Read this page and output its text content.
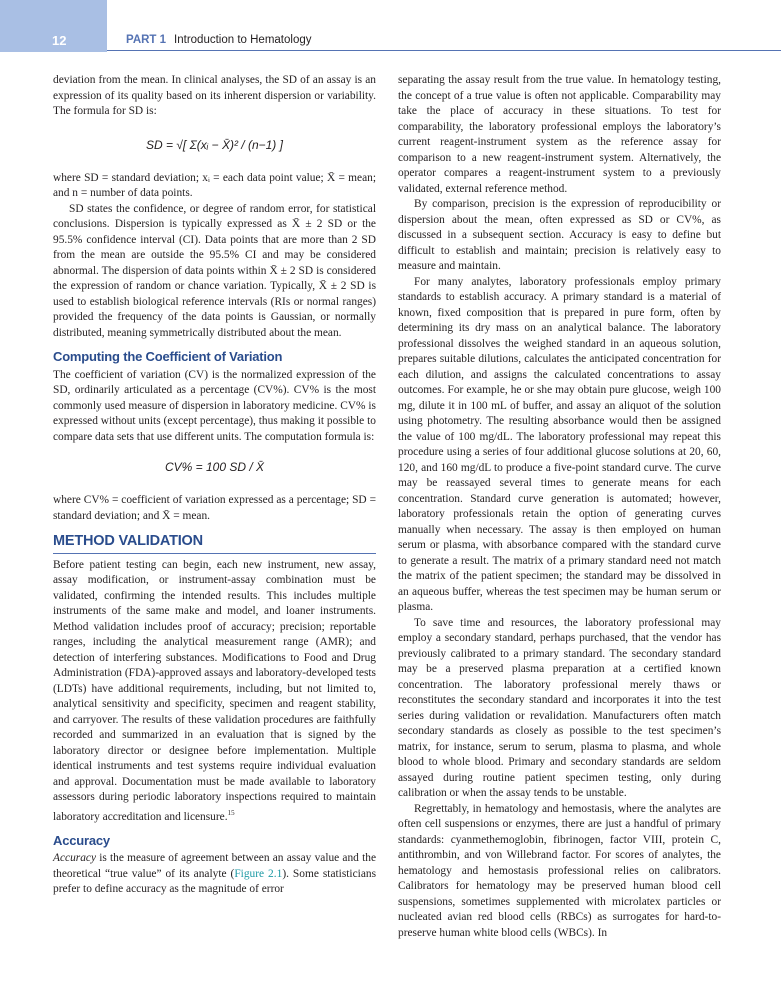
12	PART 1 Introduction to Hematology

deviation from the mean. In clinical analyses, the SD of an assay is an expression of its quality based on its inherent dispersion or variability. The formula for SD is:

SD = √[ Σ(xᵢ − X̄)² / (n−1) ]

where SD = standard deviation; xᵢ = each data point value; X̄ = mean; and n = number of data points.

SD states the confidence, or degree of random error, for statistical conclusions. Dispersion is typically expressed as X̄ ± 2 SD or the 95.5% confidence interval (CI). Data points that are more than 2 SD from the mean are outside the 95.5% CI and may be considered abnormal. The dispersion of data points within X̄ ± 2 SD is considered the expression of random or chance variation. Typically, X̄ ± 2 SD is used to establish biological reference intervals (RIs or normal ranges) provided the frequency of the data points is Gaussian, or normally distributed, meaning symmetrically distributed about the mean.

Computing the Coefficient of Variation

The coefficient of variation (CV) is the normalized expression of the SD, ordinarily articulated as a percentage (CV%). CV% is the most commonly used measure of dispersion in laboratory medicine. CV% is expressed without units (except percentage), thus making it possible to compare data sets that use different units. The computation formula is:

CV% = 100 SD / X̄

where CV% = coefficient of variation expressed as a percentage; SD = standard deviation; and X̄ = mean.

METHOD VALIDATION

Before patient testing can begin, each new instrument, new assay, assay modification, or instrument-assay combination must be validated, confirming the intended results. This includes multiple instruments of the same make and model, and loaner instruments. Method validation includes proof of accuracy; precision; reportable ranges, including the analytical measurement range (AMR); and detection of interfering substances. Modifications to Food and Drug Administration (FDA)-approved assays and laboratory-developed tests (LDTs) have additional requirements, including, but not limited to, analytical sensitivity and specificity, specimen and reagent stability, and carryover. The results of these validation procedures are faithfully recorded and summarized in an evaluation that is signed by the laboratory director or designee before implementation. Multiple identical instruments and test systems require individual evaluation and approval. Documentation must be made available to laboratory assessors during periodic laboratory inspections required to maintain laboratory accreditation and licensure.$^{15}$

Accuracy

Accuracy is the measure of agreement between an assay value and the theoretical “true value” of its analyte (Figure 2.1). Some statisticians prefer to define accuracy as the magnitude of error

separating the assay result from the true value. In hematology testing, the concept of a true value is often not applicable. Comparability may take the place of accuracy in these situations. To test for comparability, the laboratory professional employs the laboratory’s current reagent-instrument system as the reference assay for comparison to a new reagent-instrument system. Alternatively, the operator compares a reagent-instrument system to a previously validated, external reference method.

By comparison, precision is the expression of reproducibility or dispersion about the mean, often expressed as SD or CV%, as discussed in a subsequent section. Accuracy is easy to define but difficult to establish and maintain; precision is relatively easy to measure and maintain.

For many analytes, laboratory professionals employ primary standards to establish accuracy. A primary standard is a material of known, fixed composition that is prepared in pure form, often by determining its dry mass on an analytical balance. The laboratory professional dissolves the weighed standard in an aqueous solution, prepares suitable dilutions, calculates the anticipated concentration for each dilution, and assigns the calculated concentrations to assay outcomes. For example, he or she may obtain pure glucose, weigh 100 mg, dilute it in 100 mL of buffer, and assay an aliquot of the solution using photometry. The resulting absorbance would then be assigned the value of 100 mg/dL. The laboratory professional may repeat this procedure using a series of four additional glucose solutions at 20, 60, 120, and 160 mg/dL to produce a five-point standard curve. The curve may be reassayed several times to generate means for each concentration. Standard curve generation is automated; however, laboratory professionals retain the option of generating curves manually when necessary. The assay is then employed on human serum or plasma, with absorbance compared with the standard curve to generate a result. The matrix of a primary standard need not match the matrix of the patient specimen; the standard may be dissolved in an aqueous buffer, whereas the test specimen may be human serum or plasma.

To save time and resources, the laboratory professional may employ a secondary standard, perhaps purchased, that the vendor has previously calibrated to a primary standard. The secondary standard may be a preserved plasma preparation at a certified known concentration. The laboratory professional merely thaws or reconstitutes the secondary standard and incorporates it into the test series during validation or revalidation. Manufacturers often match secondary standards as closely as possible to the test specimen’s matrix, for instance, serum to serum, plasma to plasma, and whole blood to whole blood. Primary and secondary standards are seldom assayed during routine patient specimen testing, only during calibration or when the assay tends to be unstable.

Regrettably, in hematology and hemostasis, where the analytes are often cell suspensions or enzymes, there are just a handful of primary standards: cyanmethemoglobin, fibrinogen, factor VIII, protein C, antithrombin, and von Willebrand factor. For scores of analytes, the hematology and hemostasis professional relies on calibrators. Calibrators for hematology may be preserved human blood cell suspensions, sometimes supplemented with microlatex particles or nucleated avian red blood cells (RBCs) as surrogates for hard-to-preserve human white blood cells (WBCs). In
